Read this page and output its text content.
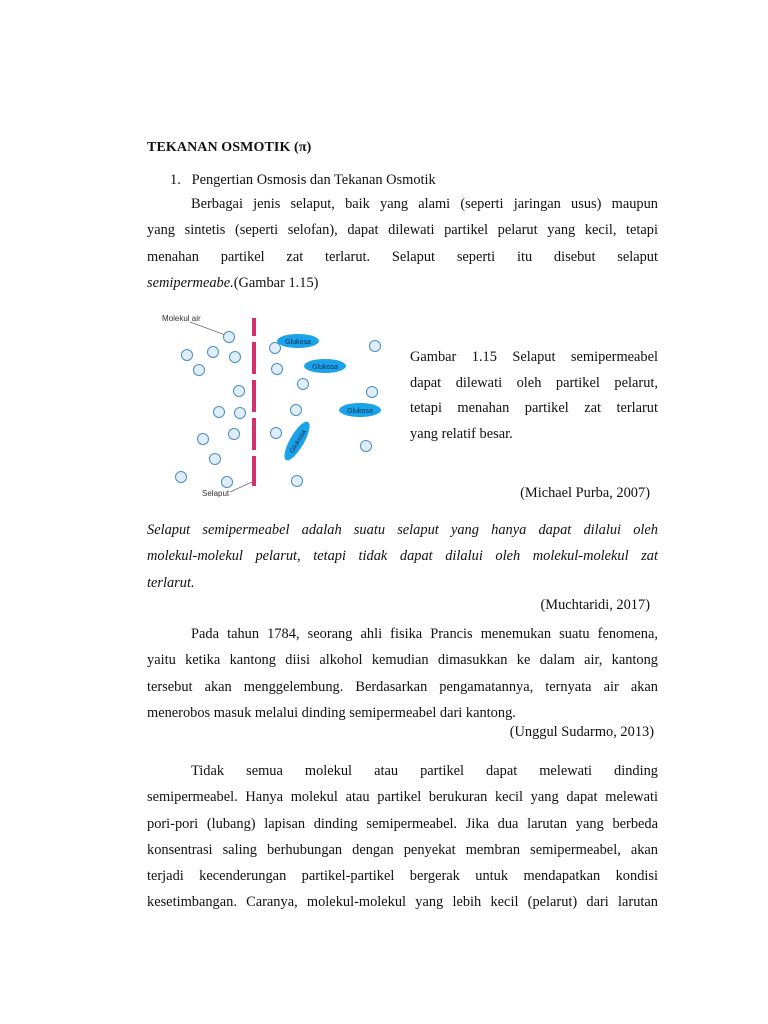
TEKANAN OSMOTIK (π)
1.   Pengertian Osmosis dan Tekanan Osmotik
Berbagai jenis selaput, baik yang alami (seperti jaringan usus) maupun
yang sintetis (seperti selofan), dapat dilewati partikel pelarut yang kecil, tetapi
menahan partikel zat terlarut. Selaput seperti itu disebut selaput
semipermeabe.(Gambar 1.15)
Molekul air
Selaput
Glukosa
Glukosa
Glukosa
Glukosa
Gambar 1.15 Selaput semipermeabel
dapat dilewati oleh partikel pelarut,
tetapi menahan partikel zat terlarut
yang relatif besar.
(Michael Purba, 2007)
Selaput semipermeabel adalah suatu selaput yang hanya dapat dilalui oleh
molekul-molekul pelarut, tetapi tidak dapat dilalui oleh molekul-molekul zat
terlarut.
(Muchtaridi, 2017)
Pada tahun 1784, seorang ahli fisika Prancis menemukan suatu fenomena,
yaitu ketika kantong diisi alkohol kemudian dimasukkan ke dalam air, kantong
tersebut akan menggelembung. Berdasarkan pengamatannya, ternyata air akan
menerobos masuk melalui dinding semipermeabel dari kantong.
(Unggul Sudarmo, 2013)
Tidak semua molekul atau partikel dapat melewati dinding
semipermeabel. Hanya molekul atau partikel berukuran kecil yang dapat melewati
pori-pori (lubang) lapisan dinding semipermeabel. Jika dua larutan yang berbeda
konsentrasi saling berhubungan dengan penyekat membran semipermeabel, akan
terjadi kecenderungan partikel-partikel bergerak untuk mendapatkan kondisi
kesetimbangan. Caranya, molekul-molekul yang lebih kecil (pelarut) dari larutan
